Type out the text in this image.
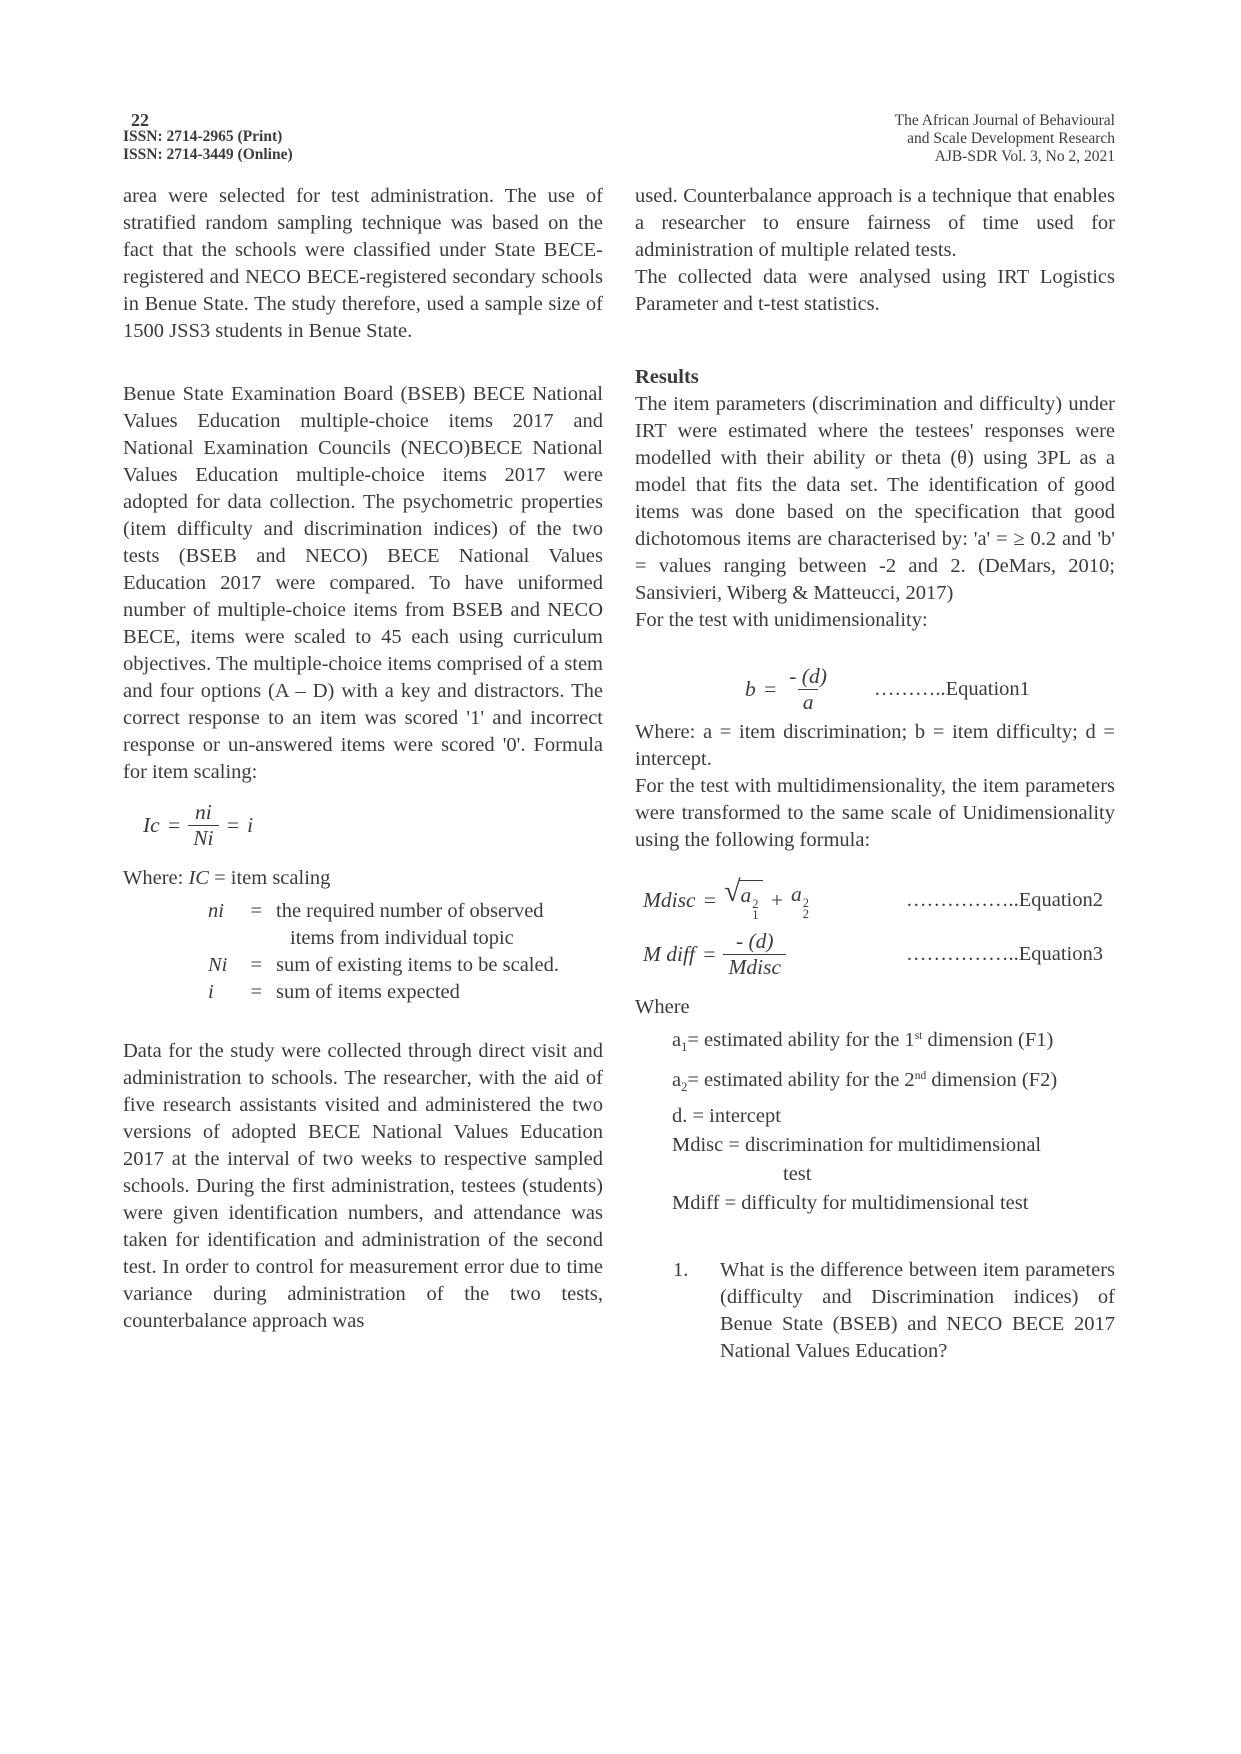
22
ISSN: 2714-2965 (Print)
ISSN: 2714-3449 (Online)
The African Journal of Behavioural
and Scale Development Research
AJB-SDR Vol. 3, No 2, 2021

area were selected for test administration. The use of stratified random sampling technique was based on the fact that the schools were classified under State BECE-registered and NECO BECE-registered secondary schools in Benue State. The study therefore, used a sample size of 1500 JSS3 students in Benue State.

Benue State Examination Board (BSEB) BECE National Values Education multiple-choice items 2017 and National Examination Councils (NECO)BECE National Values Education multiple-choice items 2017 were adopted for data collection. The psychometric properties (item difficulty and discrimination indices) of the two tests (BSEB and NECO) BECE National Values Education 2017 were compared. To have uniformed number of multiple-choice items from BSEB and NECO BECE, items were scaled to 45 each using curriculum objectives. The multiple-choice items comprised of a stem and four options (A – D) with a key and distractors. The correct response to an item was scored '1' and incorrect response or un-answered items were scored '0'. Formula for item scaling:

$Ic = \frac{ni}{Ni} = i$
Where: IC = item scaling
ni = the required number of observed
items from individual topic
Ni = sum of existing items to be scaled.
i = sum of items expected

Data for the study were collected through direct visit and administration to schools. The researcher, with the aid of five research assistants visited and administered the two versions of adopted BECE National Values Education 2017 at the interval of two weeks to respective sampled schools. During the first administration, testees (students) were given identification numbers, and attendance was taken for identification and administration of the second test. In order to control for measurement error due to time variance during administration of the two tests, counterbalance approach was

used. Counterbalance approach is a technique that enables a researcher to ensure fairness of time used for administration of multiple related tests.

The collected data were analysed using IRT Logistics Parameter and t-test statistics.

Results

The item parameters (discrimination and difficulty) under IRT were estimated where the testees' responses were modelled with their ability or theta (θ) using 3PL as a model that fits the data set. The identification of good items was done based on the specification that good dichotomous items are characterised by: 'a' = ≥ 0.2 and 'b' = values ranging between -2 and 2. (DeMars, 2010; Sansivieri, Wiberg & Matteucci, 2017)

For the test with unidimensionality:

$b = \frac{- (d)}{a}$ ………..Equation1

Where: a = item discrimination; b = item difficulty; d = intercept.

For the test with multidimensionality, the item parameters were transformed to the same scale of Unidimensionality using the following formula:

Mdisc = √ a 2
1
+ a 2
2
……………..Equation2
M diff = $\frac{- (d)}{\text{Mdisc}}$	……………..Equation3
Where
$a_1=$ estimated ability for the 1st dimension (F1)
$a_2=$ estimated ability for the 2nd dimension (F2)
d. = intercept
Mdisc = discrimination for multidimensional
test
Mdiff = difficulty for multidimensional test
1.	What is the difference between item parameters (difficulty and Discrimination indices) of Benue State (BSEB) and NECO BECE 2017 National Values Education?
